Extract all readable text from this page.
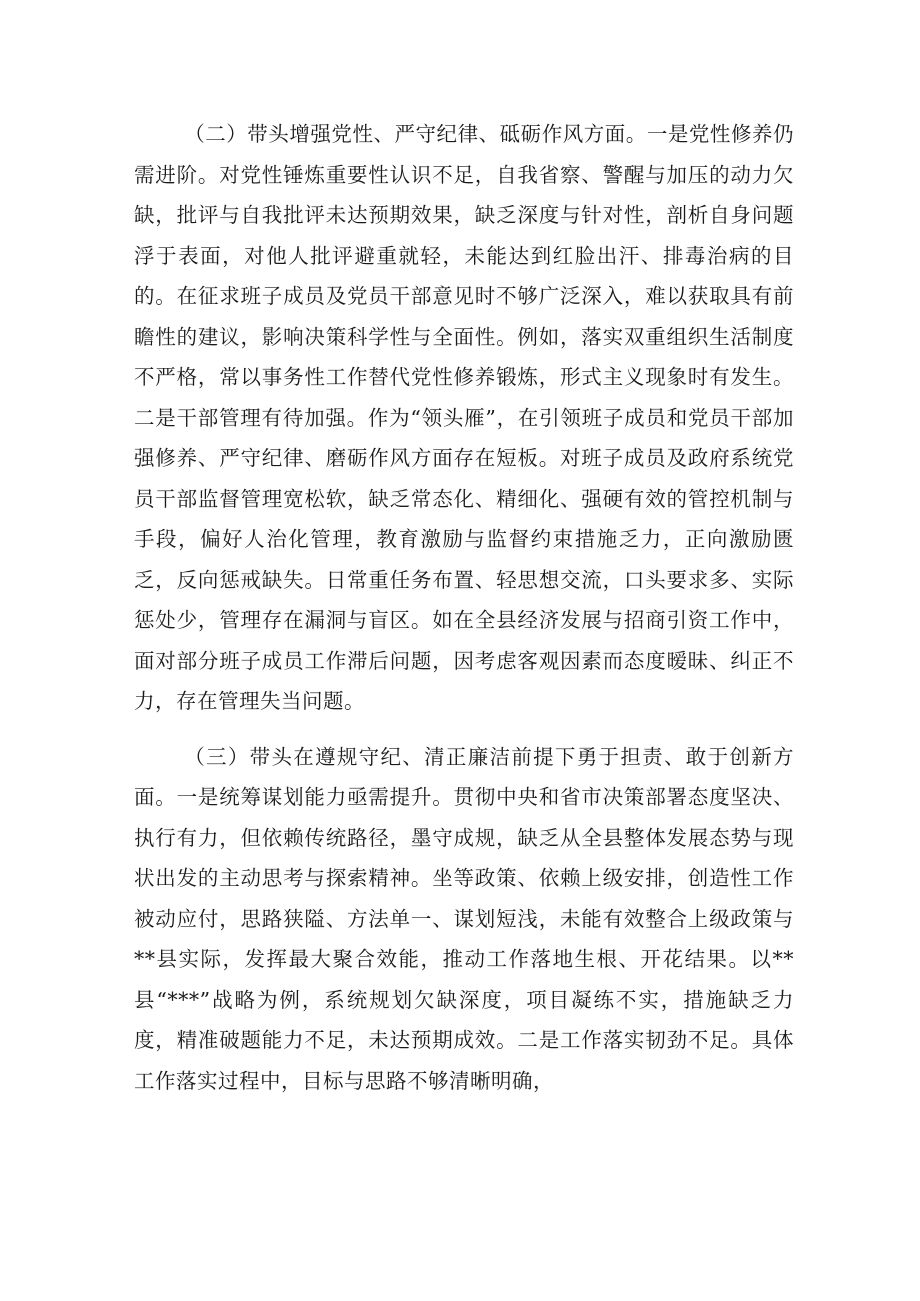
（二）带头增强党性、严守纪律、砥砺作风方面。一是党性修养仍需进阶。对党性锤炼重要性认识不足，自我省察、警醒与加压的动力欠缺，批评与自我批评未达预期效果，缺乏深度与针对性，剖析自身问题浮于表面，对他人批评避重就轻，未能达到红脸出汗、排毒治病的目的。在征求班子成员及党员干部意见时不够广泛深入，难以获取具有前瞻性的建议，影响决策科学性与全面性。例如，落实双重组织生活制度不严格，常以事务性工作替代党性修养锻炼，形式主义现象时有发生。二是干部管理有待加强。作为“领头雁”，在引领班子成员和党员干部加强修养、严守纪律、磨砺作风方面存在短板。对班子成员及政府系统党员干部监督管理宽松软，缺乏常态化、精细化、强硬有效的管控机制与手段，偏好人治化管理，教育激励与监督约束措施乏力，正向激励匮乏，反向惩戒缺失。日常重任务布置、轻思想交流，口头要求多、实际惩处少，管理存在漏洞与盲区。如在全县经济发展与招商引资工作中，面对部分班子成员工作滞后问题，因考虑客观因素而态度暧昧、纠正不力，存在管理失当问题。

（三）带头在遵规守纪、清正廉洁前提下勇于担责、敢于创新方面。一是统筹谋划能力亟需提升。贯彻中央和省市决策部署态度坚决、执行有力，但依赖传统路径，墨守成规，缺乏从全县整体发展态势与现状出发的主动思考与探索精神。坐等政策、依赖上级安排，创造性工作被动应付，思路狭隘、方法单一、谋划短浅，未能有效整合上级政策与**县实际，发挥最大聚合效能，推动工作落地生根、开花结果。以**县“***”战略为例，系统规划欠缺深度，项目凝练不实，措施缺乏力度，精准破题能力不足，未达预期成效。二是工作落实韧劲不足。具体工作落实过程中，目标与思路不够清晰明确，
